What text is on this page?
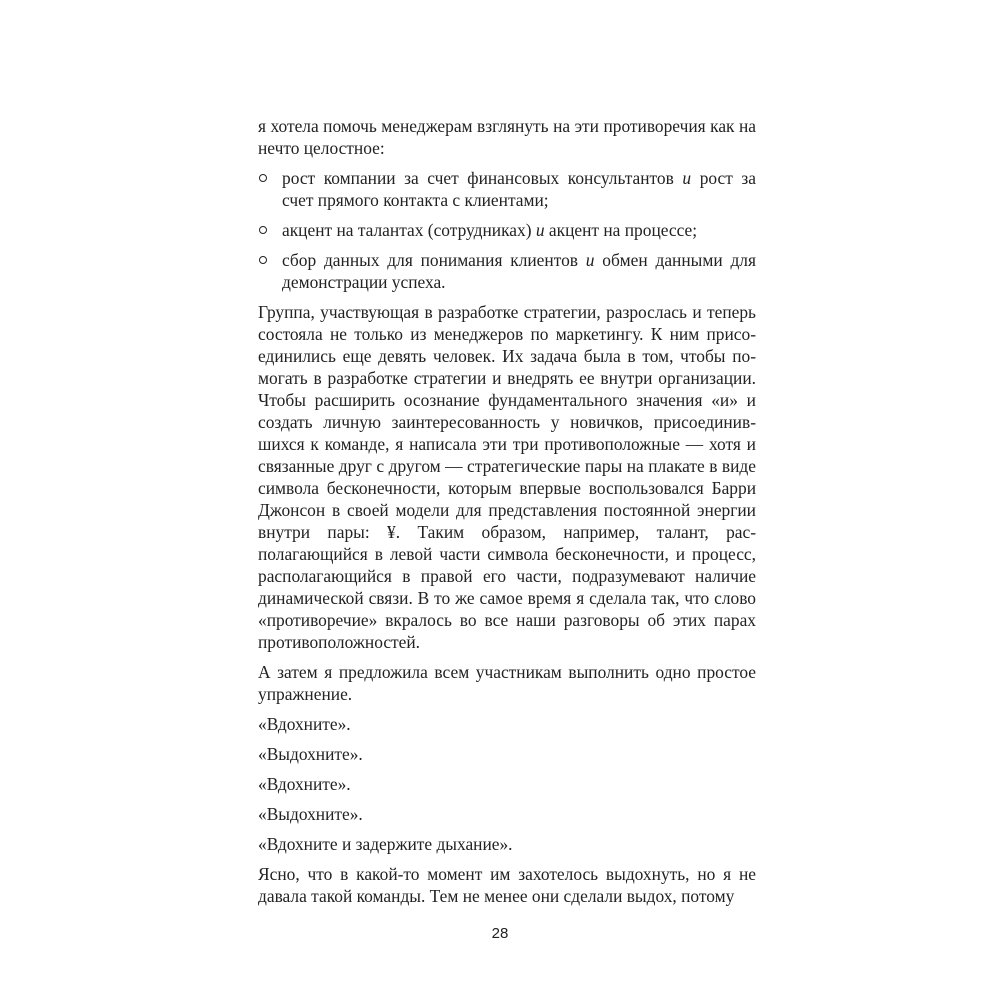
я хотела помочь менеджерам взглянуть на эти противоречия как на нечто целостное:

рост компании за счет финансовых консультантов и рост за счет прямого контакта с клиентами;
акцент на талантах (сотрудниках) и акцент на процессе;
сбор данных для понимания клиентов и обмен данными для демонстрации успеха.

Группа, участвующая в разработке стратегии, разрослась и теперь состояла не только из менеджеров по маркетингу. К ним присоединились еще девять человек. Их задача была в том, чтобы помогать в разработке стратегии и внедрять ее внутри организации. Чтобы расширить осознание фундаментального значения «и» и создать личную заинтересованность у новичков, присоединившихся к команде, я написала эти три противоположные — хотя и связанные друг с другом — стратегические пары на плакате в виде символа бесконечности, которым впервые воспользовался Барри Джонсон в своей модели для представления постоянной энергии внутри пары: ¥. Таким образом, например, талант, располагающийся в левой части символа бесконечности, и процесс, располагающийся в правой его части, подразумевают наличие динамической связи. В то же самое время я сделала так, что слово «противоречие» вкралось во все наши разговоры об этих парах противоположностей.

А затем я предложила всем участникам выполнить одно простое упражнение.

«Вдохните».

«Выдохните».

«Вдохните».

«Выдохните».

«Вдохните и задержите дыхание».

Ясно, что в какой-то момент им захотелось выдохнуть, но я не давала такой команды. Тем не менее они сделали выдох, потому

28
